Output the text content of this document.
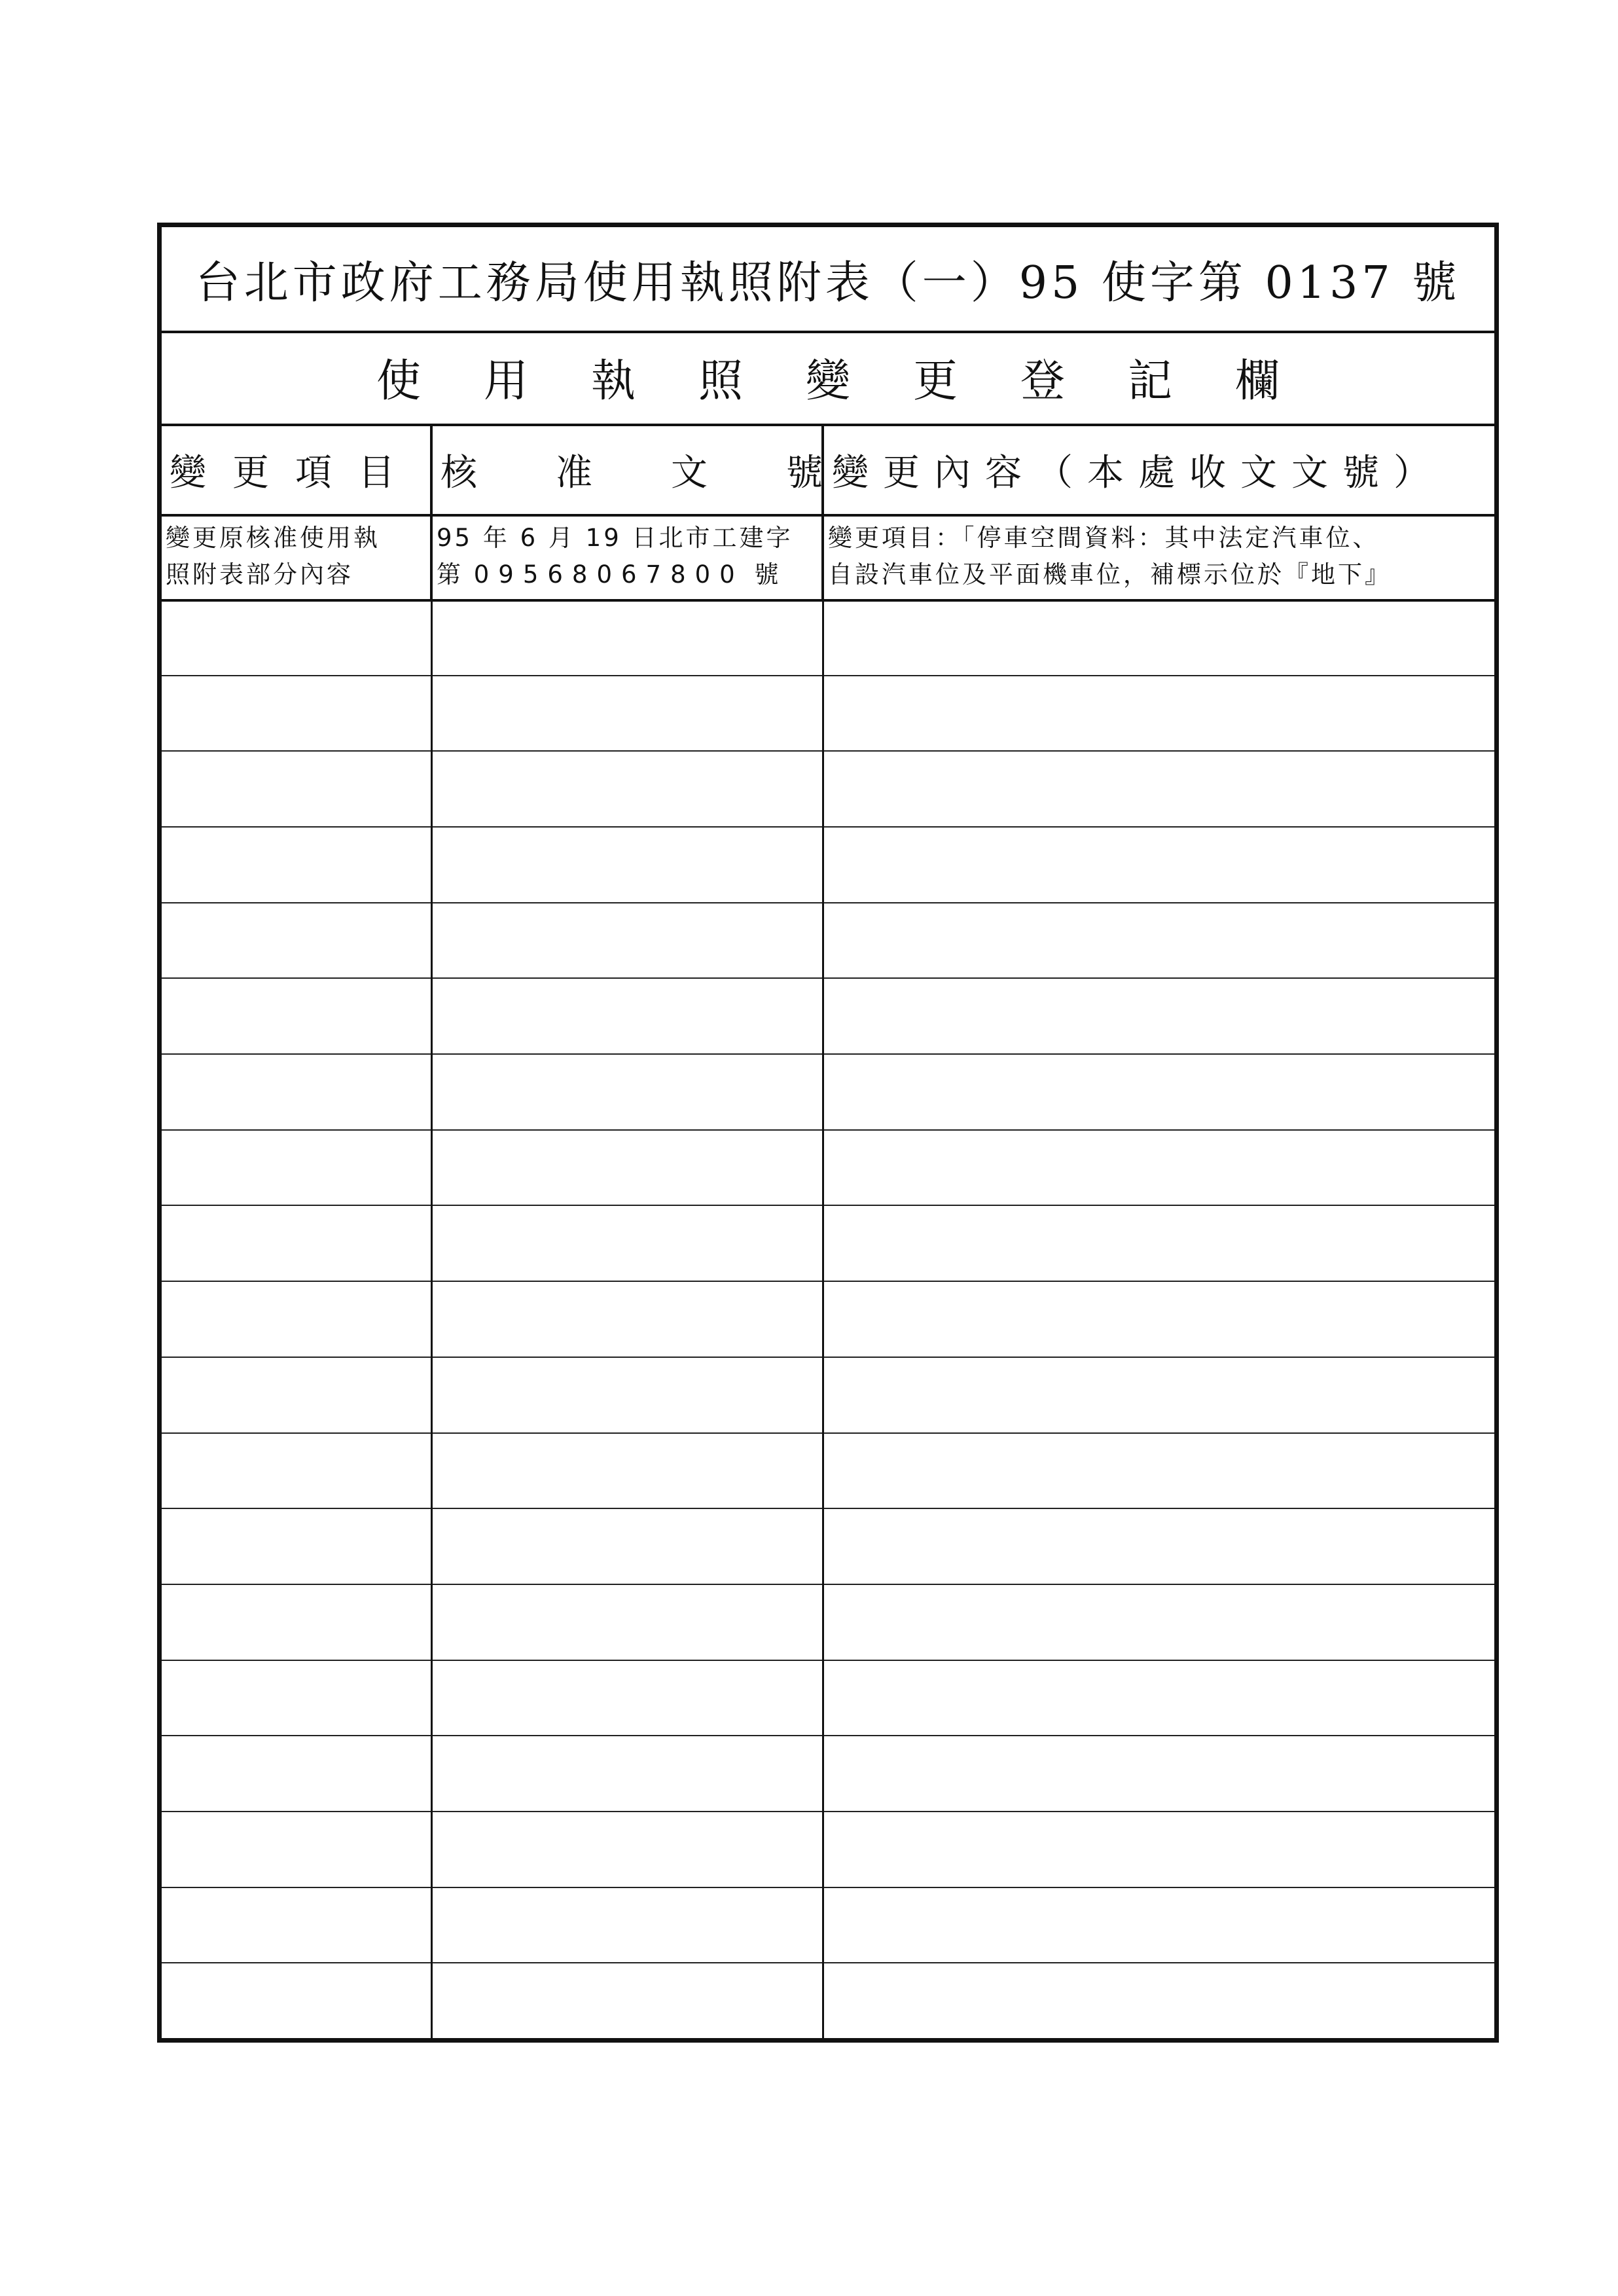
台北市政府工務局使用執照附表（一）95 使字第 0137 號
使用執照變更登記欄
變更項目 核准文號
變更內容（本處收文文號）
變更原核准使用執
照附表部分內容
95 年 6 月 19 日北市工建字
第 09568067800 號
變更項目：「停車空間資料：其中法定汽車位、
自設汽車位及平面機車位，補標示位於『地下』
